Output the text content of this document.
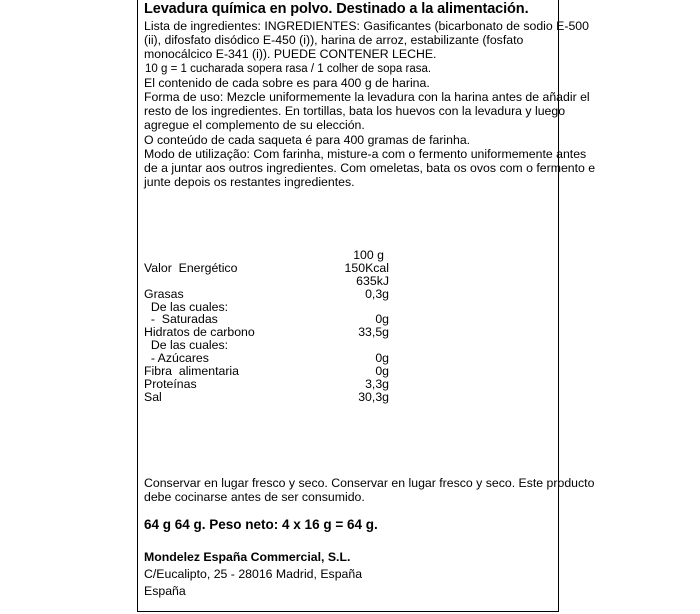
Levadura química en polvo. Destinado a la alimentación.
Lista de ingredientes: INGREDIENTES: Gasificantes (bicarbonato de sodio E-500
(ii), difosfato disódico E-450 (i)), harina de arroz, estabilizante (fosfato
monocálcico E-341 (i)). PUEDE CONTENER LECHE.
10 g = 1 cucharada sopera rasa / 1 colher de sopa rasa.
El contenido de cada sobre es para 400 g de harina.
Forma de uso: Mezcle uniformemente la levadura con la harina antes de añadir el
resto de los ingredientes. En tortillas, bata los huevos con la levadura y luego
agregue el complemento de su elección.
O conteúdo de cada saqueta é para 400 gramas de farinha.
Modo de utilização: Com farinha, misture-a com o fermento uniformemente antes
de a juntar aos outros ingredientes. Com omeletas, bata os ovos com o fermento e
junte depois os restantes ingredientes.
100 g
Valor  Energético	150Kcal
635kJ
Grasas	0,3g
De las cuales:
-  Saturadas	0g
Hidratos de carbono	33,5g
De las cuales:
- Azúcares	0g
Fibra  alimentaria	0g
Proteínas	3,3g
Sal	30,3g
Conservar en lugar fresco y seco. Conservar en lugar fresco y seco. Este producto
debe cocinarse antes de ser consumido.
64 g 64 g. Peso neto: 4 x 16 g = 64 g.
Mondelez España Commercial, S.L.
C/Eucalipto, 25 - 28016 Madrid, España
España
